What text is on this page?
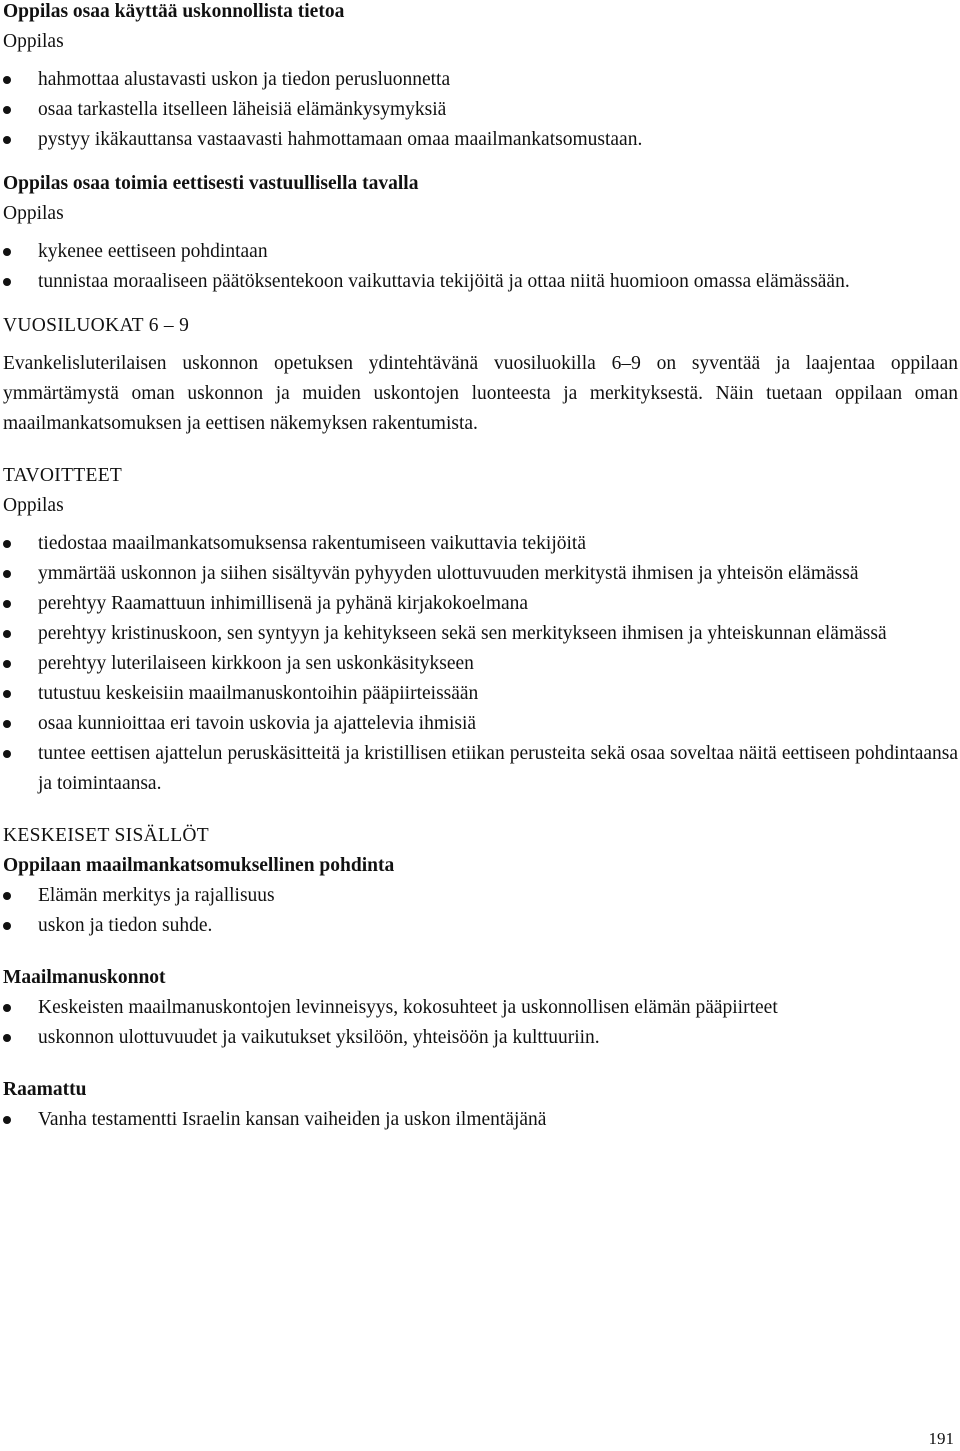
Oppilas osaa käyttää uskonnollista tietoa

Oppilas

hahmottaa alustavasti uskon ja tiedon perusluonnetta
osaa tarkastella itselleen läheisiä elämänkysymyksiä
pystyy ikäkauttansa vastaavasti hahmottamaan omaa maailmankatsomustaan.

Oppilas osaa toimia eettisesti vastuullisella tavalla

Oppilas

kykenee eettiseen pohdintaan
tunnistaa moraaliseen päätöksentekoon vaikuttavia tekijöitä ja ottaa niitä huomioon omassa elämässään.

VUOSILUOKAT 6 – 9

Evankelisluterilaisen uskonnon opetuksen ydintehtävänä vuosiluokilla 6–9 on syventää ja laajentaa oppilaan ymmärtämystä oman uskonnon ja muiden uskontojen luonteesta ja merkityksestä. Näin tuetaan oppilaan oman maailmankatsomuksen ja eettisen näkemyksen rakentumista.

TAVOITTEET

Oppilas

tiedostaa maailmankatsomuksensa rakentumiseen vaikuttavia tekijöitä
ymmärtää uskonnon ja siihen sisältyvän pyhyyden ulottuvuuden merkitystä ihmisen ja yhteisön elämässä
perehtyy Raamattuun inhimillisenä ja pyhänä kirjakokoelmana
perehtyy kristinuskoon, sen syntyyn ja kehitykseen sekä sen merkitykseen ihmisen ja yhteiskunnan elämässä
perehtyy luterilaiseen kirkkoon ja sen uskonkäsitykseen
tutustuu keskeisiin maailmanuskontoihin pääpiirteissään
osaa kunnioittaa eri tavoin uskovia ja ajattelevia ihmisiä
tuntee eettisen ajattelun peruskäsitteitä ja kristillisen etiikan perusteita sekä osaa soveltaa näitä eettiseen pohdintaansa ja toimintaansa.

KESKEISET SISÄLLÖT

Oppilaan maailmankatsomuksellinen pohdinta

Elämän merkitys ja rajallisuus
uskon ja tiedon suhde.

Maailmanuskonnot

Keskeisten maailmanuskontojen levinneisyys, kokosuhteet ja uskonnollisen elämän pääpiirteet
uskonnon ulottuvuudet ja vaikutukset yksilöön, yhteisöön ja kulttuuriin.

Raamattu

Vanha testamentti Israelin kansan vaiheiden ja uskon ilmentäjänä
191
